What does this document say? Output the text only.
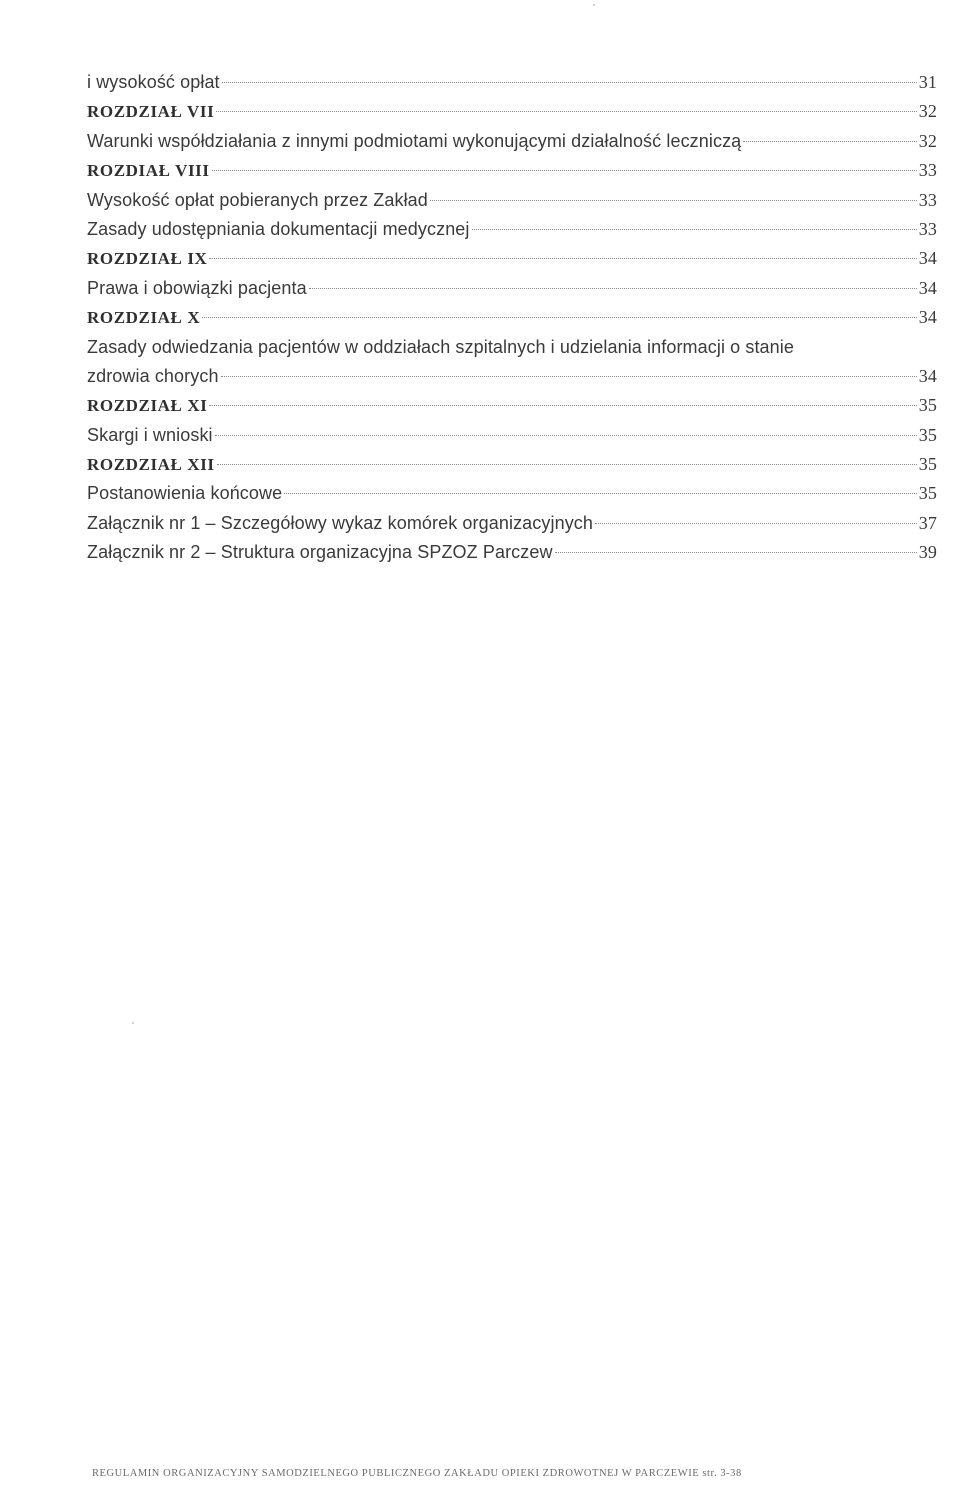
i wysokość opłat	31
ROZDZIAŁ VII	32
Warunki współdziałania z innymi podmiotami wykonującymi działalność leczniczą	32
ROZDIAŁ VIII	33
Wysokość opłat pobieranych przez Zakład	33
Zasady udostępniania dokumentacji medycznej	33
ROZDZIAŁ IX	34
Prawa i obowiązki pacjenta	34
ROZDZIAŁ X	34
Zasady odwiedzania pacjentów w oddziałach szpitalnych i udzielania informacji o stanie
zdrowia chorych	34
ROZDZIAŁ XI	35
Skargi i wnioski	35
ROZDZIAŁ XII	35
Postanowienia końcowe	35
Załącznik nr 1 – Szczegółowy wykaz komórek organizacyjnych	37
Załącznik nr 2 – Struktura organizacyjna SPZOZ Parczew	39
REGULAMIN ORGANIZACYJNY SAMODZIELNEGO PUBLICZNEGO ZAKŁADU OPIEKI ZDROWOTNEJ W PARCZEWIE str. 3-38
